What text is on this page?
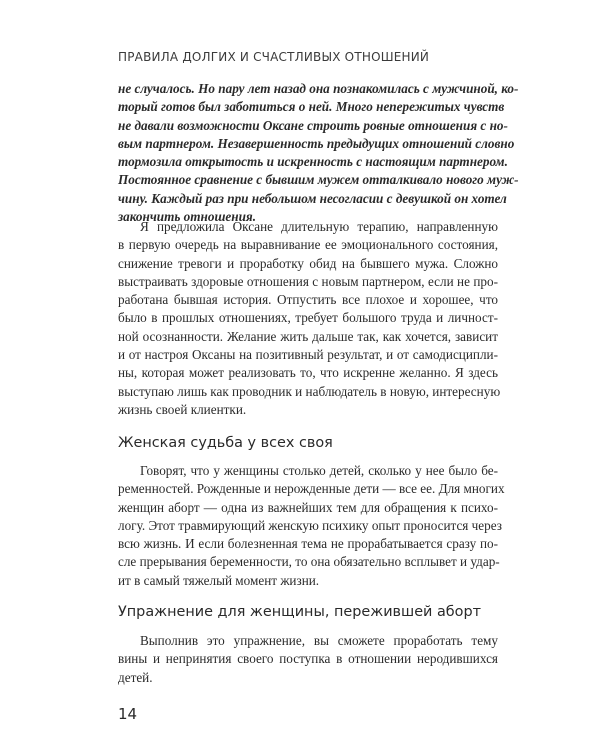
ПРАВИЛА ДОЛГИХ И СЧАСТЛИВЫХ ОТНОШЕНИЙ

не случалось. Но пару лет назад она познакомилась с мужчиной, ко-
торый готов был заботиться о ней. Много непережитых чувств
не давали возможности Оксане строить ровные отношения с но-
вым партнером. Незавершенность предыдущих отношений словно
тормозила открытость и искренность с настоящим партнером.
Постоянное сравнение с бывшим мужем отталкивало нового муж-
чину. Каждый раз при небольшом несогласии с девушкой он хотел
закончить отношения.
Я предложила Оксане длительную терапию, направленную
в первую очередь на выравнивание ее эмоционального состояния,
снижение тревоги и проработку обид на бывшего мужа. Сложно
выстраивать здоровые отношения с новым партнером, если не про-
работана бывшая история. Отпустить все плохое и хорошее, что
было в прошлых отношениях, требует большого труда и личност-
ной осознанности. Желание жить дальше так, как хочется, зависит
и от настроя Оксаны на позитивный результат, и от самодисципли-
ны, которая может реализовать то, что искренне желанно. Я здесь
выступаю лишь как проводник и наблюдатель в новую, интересную
жизнь своей клиентки.
Женская судьба у всех своя
Говорят, что у женщины столько детей, сколько у нее было бе-
ременностей. Рожденные и нерожденные дети — все ее. Для многих
женщин аборт — одна из важнейших тем для обращения к психо-
логу. Этот травмирующий женскую психику опыт проносится через
всю жизнь. И если болезненная тема не прорабатывается сразу по-
сле прерывания беременности, то она обязательно всплывет и удар-
ит в самый тяжелый момент жизни.
Упражнение для женщины, пережившей аборт
Выполнив это упражнение, вы сможете проработать тему
вины и непринятия своего поступка в отношении неродившихся
детей.

14
